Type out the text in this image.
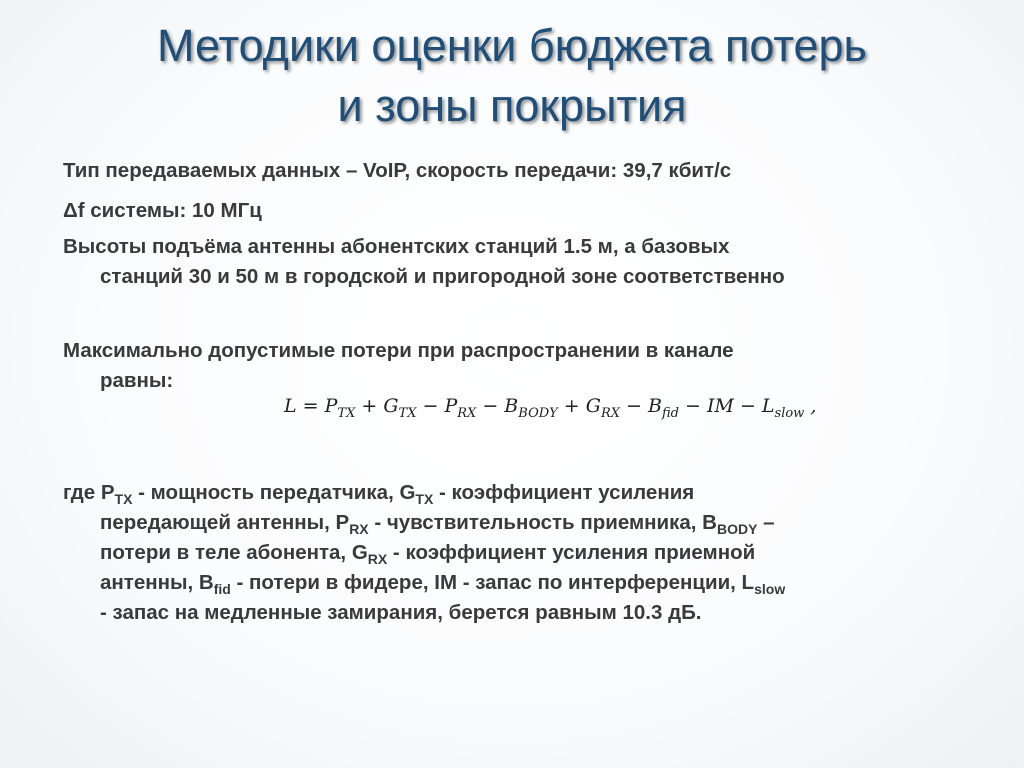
Методики оценки бюджета потерь
и зоны покрытия

Тип передаваемых данных – VoIP, скорость передачи: 39,7 кбит/с

Δf системы: 10 МГц

Высоты подъёма антенны абонентских станций 1.5 м, а базовых
станций 30 и 50 м в городской и пригородной зоне соответственно

Максимально допустимые потери при распространении в канале
равны:

$L = P_{TX} + G_{TX} - P_{RX} - B_{BODY} + G_{RX} - B_{fid}$ − IM − $L_{slow}$ ,

где $P_{TX}$ - мощность передатчика, $G_{TX}$ - коэффициент усиления
передающей антенны, $P_{RX}$ - чувствительность приемника, $B_{BODY}$ –
потери в теле абонента, $G_{RX}$ - коэффициент усиления приемной
антенны, $B_{fid}$ - потери в фидере, IM - запас по интерференции, $L_{slow}$
- запас на медленные замирания, берется равным 10.3 дБ.
